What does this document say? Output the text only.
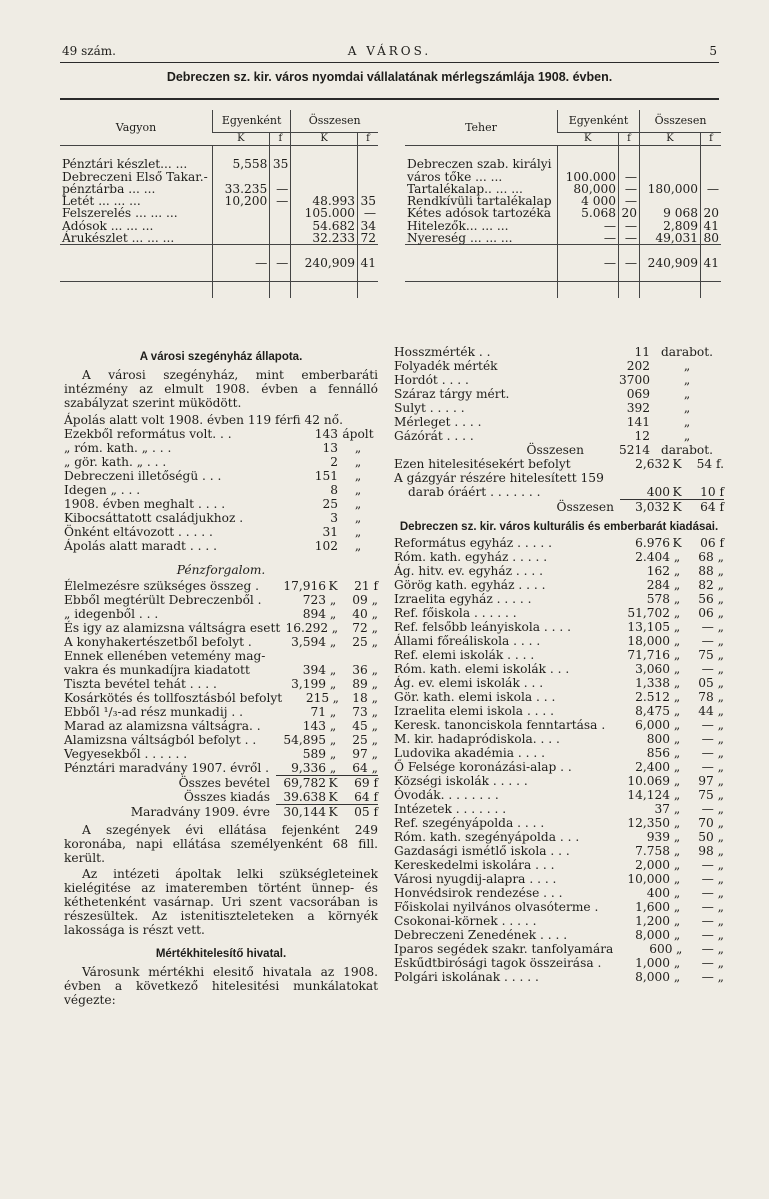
49 szám.	A VÁROS.	5
Debreczen sz. kir. város nyomdai vállalatának mérlegszámlája 1908. évben.
Vagyon	Egyenként		Összesen	
	K	f	K	f

Pénztári készlet... ...	5,558	35		
Debreczeni Első Takar.-				
pénztárba ... ...	33.235	—		
Letét ... ... ...	10,200	—	48.993	35
Felszerelés ... ... ...			105.000	—
Adósok ... ... ...			54.682	34
Árukészlet ... ... ...			32.233	72
	—	—	240,909	41

Teher	Egyenként		Összesen	
	K	f	K	f

Debreczen szab. királyi				
város tőke ... ...	100.000	—		
Tartalékalap.. ... ...	80,000	—	180,000	—
Rendkívüli tartalékalap	4 000	—		
Kétes adósok tartozéka	5.068	20	9 068	20
Hitelezők... ... ...	—	—	2,809	41
Nyereség ... ... ...	—	—	49,031	80
	—	—	240,909	41

A városi szegényház állapota.
A városi szegényház, mint emberbaráti intézmény az elmult 1908. évben a fennálló szabályzat szerint müködött.
Ápolás alatt volt 1908. évben 119 férfi 42 nő.
Ezekből református volt. . .	143 ápolt
„ róm. kath. „ . . .	13	„
„ gör. kath. „ . . .	2	„
Debreczeni illetőségü . . .	151	„
Idegen „ . . .	8	„
1908. évben meghalt . . . .	25	„
Kibocsáttatott családjukhoz .	3	„
Önként eltávozott . . . . .	31	„
Ápolás alatt maradt . . . .	102	„
Pénzforgalom.
Élelmezésre szükséges összeg .	17,916 K	21 f
Ebből megtérült Debreczenből .	723 „	09 „
„ idegenből . . .	894 „	40 „
És igy az alamizsna váltságra esett 16.292 „	72 „
A konyhakertészetből befolyt .	3,594 „	25 „
Ennek ellenében vetemény mag-
vakra és munkadíjra kiadatott	394 „	36 „
Tiszta bevétel tehát . . . .	3,199 „	89 „
Kosárkötés és tollfosztásból befolyt	215 „	18 „
Ebből ¹/₃-ad rész munkadij . .	71 „	73 „
Marad az alamizsna váltságra. .	143 „	45 „
Alamizsna váltságból befolyt . .	54,895 „	25 „
Vegyesekből . . . . . .	589 „	97 „
Pénztári maradvány 1907. évről .	9,336 „	64 „
Összes bevétel	69,782 K	69 f
Összes kiadás	39.638 K	64 f
Maradvány 1909. évre	30,144 K	05 f
A szegények évi ellátása fejenként 249 koronába, napi ellátása személyenként 68 fill. került.
Az intézeti ápoltak lelki szükségleteinek kielégitése az imateremben történt ünnep- és kéthetenként vasárnap. Uri szent vacsorában is részesültek. Az istenitiszteleteken a környék lakossága is részt vett.
Mértékhitelesítő hivatal.
Városunk mértékhi elesitő hivatala az 1908. évben a következő hitelesitési munkálatokat végezte:
Hosszmérték . .	11 darabot.
Folyadék mérték	202	„
Hordót . . . .	3700	„
Száraz tárgy mért.	069	„
Sulyt . . . . .	392	„
Mérleget . . . .	141	„
Gázórát . . . .	12	„
Összesen	5214 darabot.
Ezen hitelesitésekért befolyt	2,632 K	54 f.
A gázgyár részére hitelesített 159
darab óráért . . . . . . .	400 K	10 f
Összesen	3,032 K	64 f
Debreczen sz. kir. város kulturális és emberbarát kiadásai.
Református egyház . . . . .	6.976 K	06 f
Róm. kath. egyház . . . . .	2.404 „	68 „
Ág. hitv. ev. egyház . . . .	162 „	88 „
Görög kath. egyház . . . .	284 „	82 „
Izraelita egyház . . . . .	578 „	56 „
Ref. főiskola . . . . . .	51,702 „	06 „
Ref. felsőbb leányiskola . . . .	13,105 „	— „
Állami főreáliskola . . . .	18,000 „	— „
Ref. elemi iskolák . . . .	71,716 „	75 „
Róm. kath. elemi iskolák . . .	3,060 „	— „
Ág. ev. elemi iskolák . . .	1,338 „	05 „
Gör. kath. elemi iskola . . .	2.512 „	78 „
Izraelita elemi iskola . . . .	8,475 „	44 „
Keresk. tanonciskola fenntartása .	6,000 „	— „
M. kir. hadapródiskola. . . .	800 „	— „
Ludovika akadémia . . . .	856 „	— „
Ő Felsége koronázási-alap . .	2,400 „	— „
Községi iskolák . . . . .	10.069 „	97 „
Óvodák. . . . . . . .	14,124 „	75 „
Intézetek . . . . . . .	37 „	— „
Ref. szegényápolda . . . .	12,350 „	70 „
Róm. kath. szegényápolda . . .	939 „	50 „
Gazdasági ismétlő iskola . . .	7.758 „	98 „
Kereskedelmi iskolára . . .	2,000 „	— „
Városi nyugdij-alapra . . . .	10,000 „	— „
Honvédsirok rendezése . . .	400 „	— „
Főiskolai nyilvános olvasóterme .	1,600 „	— „
Csokonai-körnek . . . . .	1,200 „	— „
Debreczeni Zenedének . . . .	8,000 „	— „
Iparos segédek szakr. tanfolyamára	600 „	— „
Eskűdtbirósági tagok összeirása .	1,000 „	— „
Polgári iskolának . . . . .	8,000 „	— „
